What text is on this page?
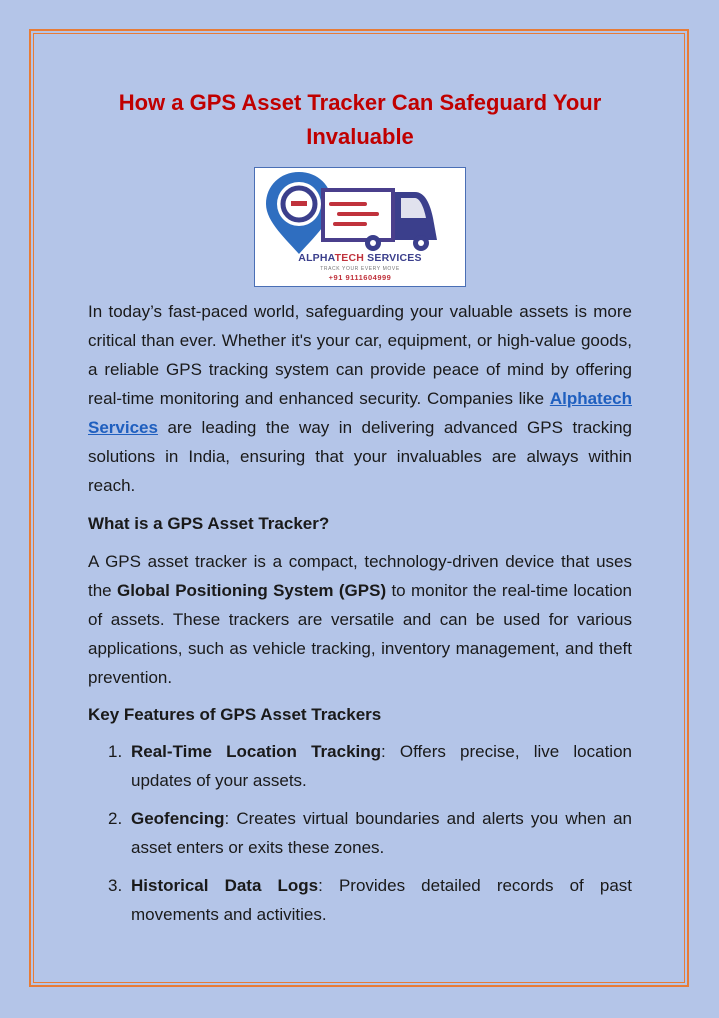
How a GPS Asset Tracker Can Safeguard Your Invaluable
ALPHATECH SERVICES
TRACK YOUR EVERY MOVE
+91 9111604999

In today’s fast-paced world, safeguarding your valuable assets is more critical than ever. Whether it's your car, equipment, or high-value goods, a reliable GPS tracking system can provide peace of mind by offering real-time monitoring and enhanced security. Companies like Alphatech Services are leading the way in delivering advanced GPS tracking solutions in India, ensuring that your invaluables are always within reach.

What is a GPS Asset Tracker?

A GPS asset tracker is a compact, technology-driven device that uses the Global Positioning System (GPS) to monitor the real-time location of assets. These trackers are versatile and can be used for various applications, such as vehicle tracking, inventory management, and theft prevention.

Key Features of GPS Asset Trackers
1. Real-Time Location Tracking: Offers precise, live location updates of your assets.
2. Geofencing: Creates virtual boundaries and alerts you when an asset enters or exits these zones.
3. Historical Data Logs: Provides detailed records of past movements and activities.
